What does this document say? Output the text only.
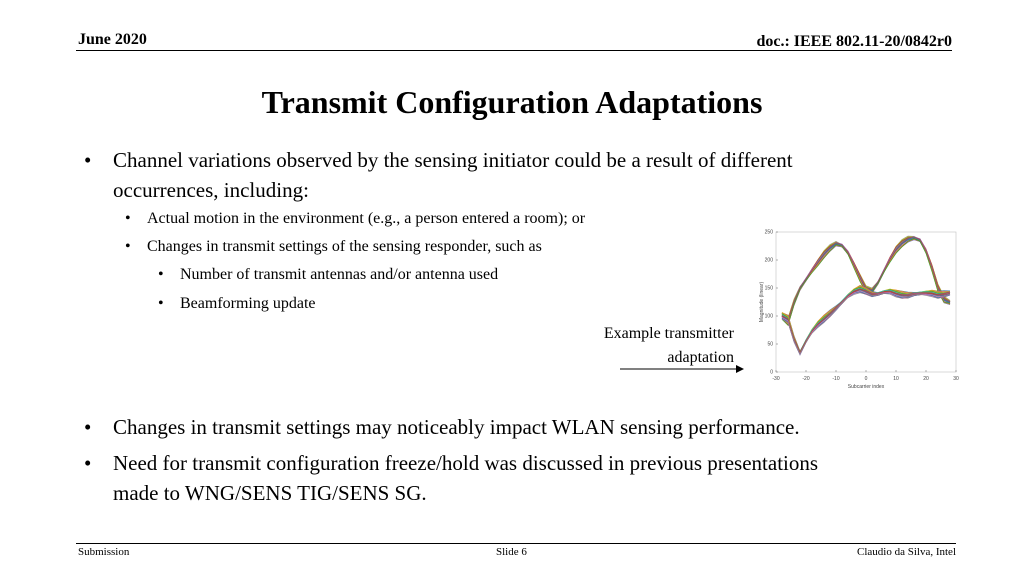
June 2020	doc.: IEEE 802.11-20/0842r0
Transmit Configuration Adaptations
• Channel variations observed by the sensing initiator could be a result of different
occurrences, including:
• Actual motion in the environment (e.g., a person entered a room); or
• Changes in transmit settings of the sensing responder, such as
• Number of transmit antennas and/or antenna used
• Beamforming update
Example transmitter
adaptation
-30	-20	-10	0	10	20	30
0
50
100
150
200
250
Subcarrier index
Magnitude (linear)
• Changes in transmit settings may noticeably impact WLAN sensing performance.
• Need for transmit configuration freeze/hold was discussed in previous presentations
made to WNG/SENS TIG/SENS SG.
Submission	Slide 6	Claudio da Silva, Intel
